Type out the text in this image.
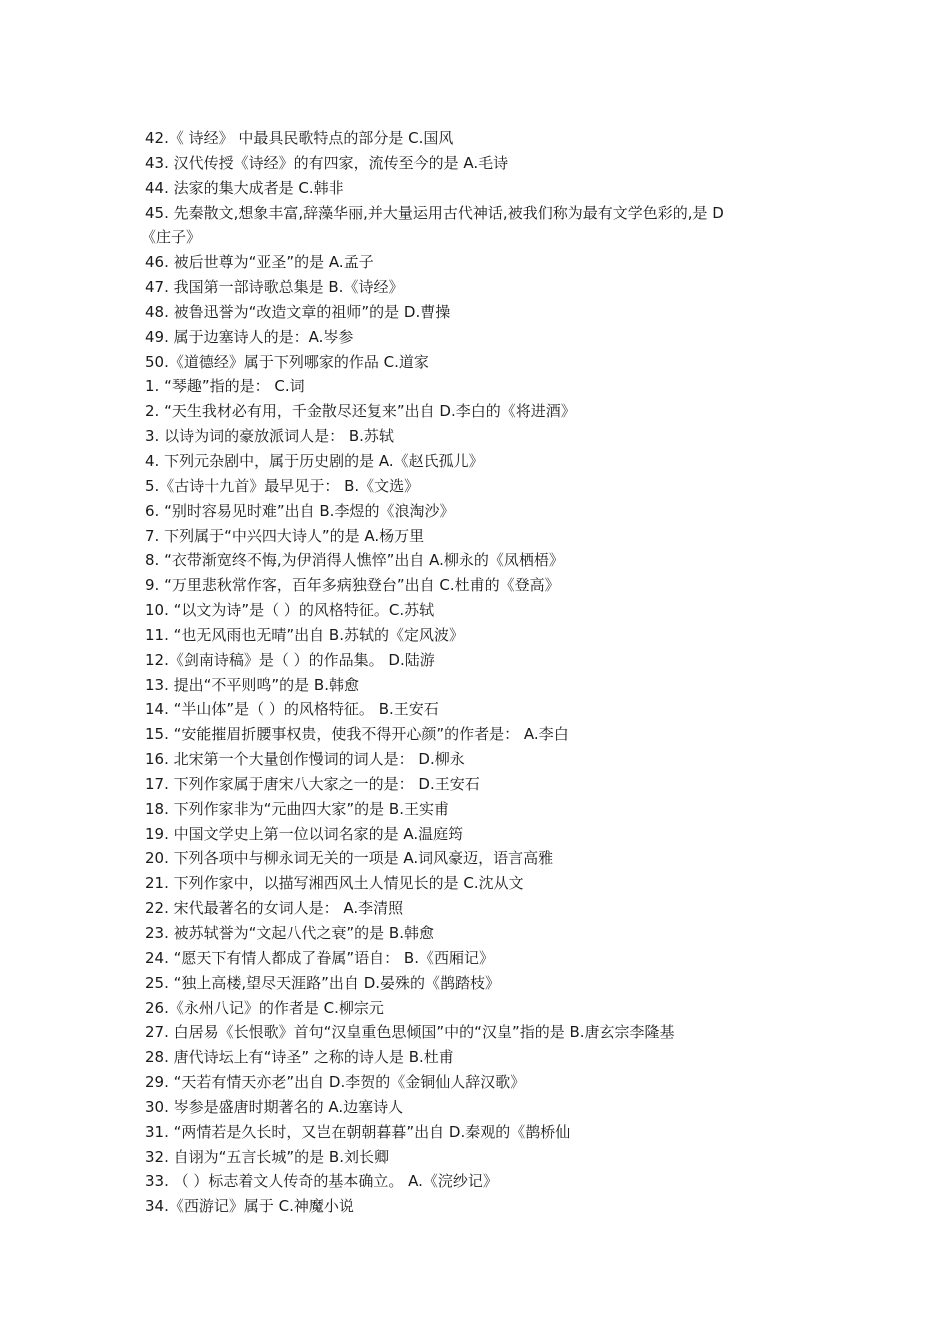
42.《 诗经》 中最具民歌特点的部分是 C.国风
43. 汉代传授《诗经》的有四家，流传至今的是 A.毛诗
44. 法家的集大成者是 C.韩非
45. 先秦散文,想象丰富,辞藻华丽,并大量运用古代神话,被我们称为最有文学色彩的,是 D
《庄子》
46. 被后世尊为“亚圣”的是 A.孟子
47. 我国第一部诗歌总集是 B.《诗经》
48. 被鲁迅誉为“改造文章的祖师”的是 D.曹操
49. 属于边塞诗人的是：A.岑参
50.《道德经》属于下列哪家的作品 C.道家
1. “琴趣”指的是： C.词
2. “天生我材必有用，千金散尽还复来”出自 D.李白的《将进酒》
3. 以诗为词的豪放派词人是： B.苏轼
4. 下列元杂剧中，属于历史剧的是 A.《赵氏孤儿》
5.《古诗十九首》最早见于： B.《文选》
6. “别时容易见时难”出自 B.李煜的《浪淘沙》
7. 下列属于“中兴四大诗人”的是 A.杨万里
8. “衣带渐宽终不悔,为伊消得人憔悴”出自 A.柳永的《凤栖梧》
9. “万里悲秋常作客，百年多病独登台”出自 C.杜甫的《登高》
10. “以文为诗”是（ ）的风格特征。C.苏轼
11. “也无风雨也无晴”出自 B.苏轼的《定风波》
12.《剑南诗稿》是（ ）的作品集。 D.陆游
13. 提出“不平则鸣”的是 B.韩愈
14. “半山体”是（ ）的风格特征。 B.王安石
15. “安能摧眉折腰事权贵，使我不得开心颜”的作者是： A.李白
16. 北宋第一个大量创作慢词的词人是： D.柳永
17. 下列作家属于唐宋八大家之一的是： D.王安石
18. 下列作家非为“元曲四大家”的是 B.王实甫
19. 中国文学史上第一位以词名家的是 A.温庭筠
20. 下列各项中与柳永词无关的一项是 A.词风豪迈，语言高雅
21. 下列作家中，以描写湘西风土人情见长的是 C.沈从文
22. 宋代最著名的女词人是： A.李清照
23. 被苏轼誉为“文起八代之衰”的是 B.韩愈
24. “愿天下有情人都成了眷属”语自： B.《西厢记》
25. “独上高楼,望尽天涯路”出自 D.晏殊的《鹊踏枝》
26.《永州八记》的作者是 C.柳宗元
27. 白居易《长恨歌》首句“汉皇重色思倾国”中的“汉皇”指的是 B.唐玄宗李隆基
28. 唐代诗坛上有“诗圣” 之称的诗人是 B.杜甫
29. “天若有情天亦老”出自 D.李贺的《金铜仙人辞汉歌》
30. 岑参是盛唐时期著名的 A.边塞诗人
31. “两情若是久长时，又岂在朝朝暮暮”出自 D.秦观的《鹊桥仙
32. 自诩为“五言长城”的是 B.刘长卿
33. （ ）标志着文人传奇的基本确立。 A.《浣纱记》
34.《西游记》属于 C.神魔小说
